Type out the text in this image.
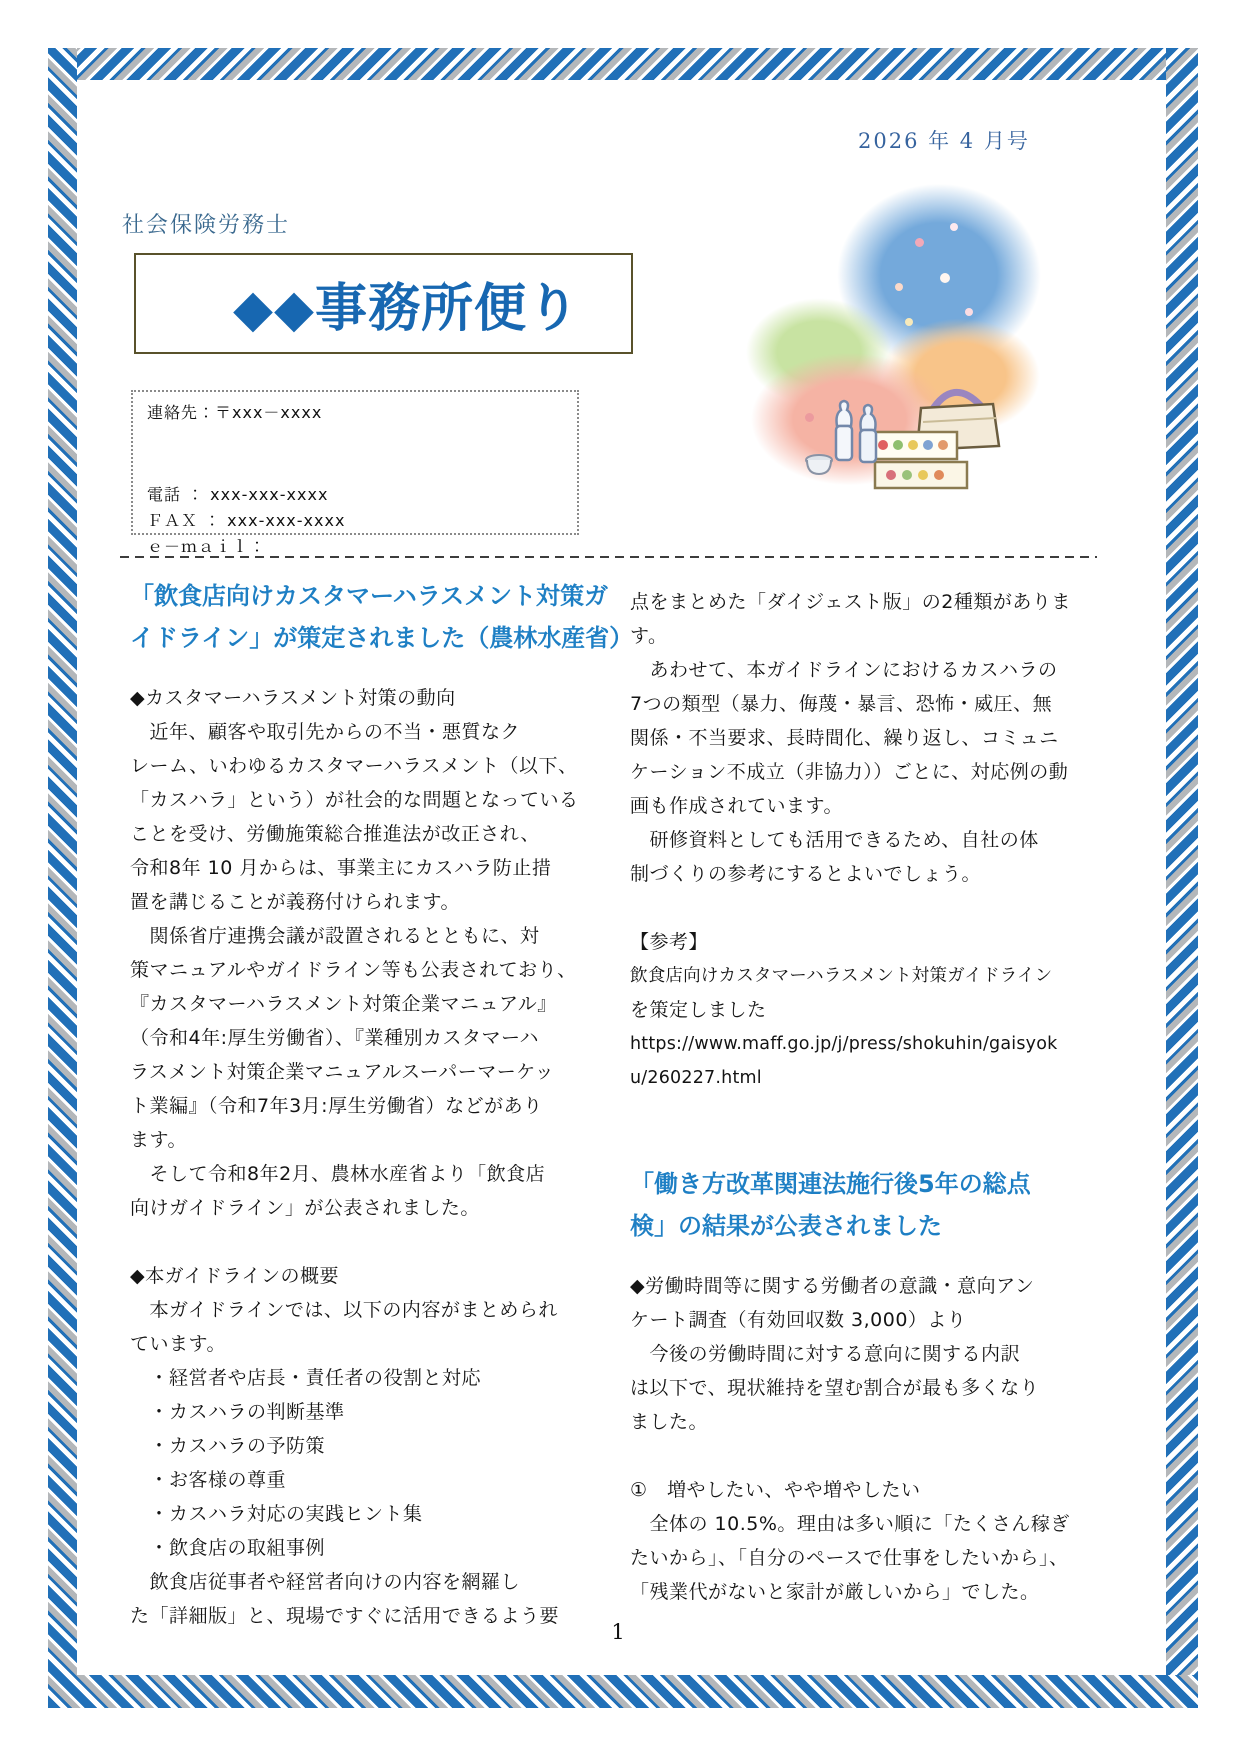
2026 年 4 月号
社会保険労務士
◆◆事務所便り
連絡先：〒xxx－xxxx
電話 ： xxx-xxx-xxxx
ＦＡＸ ： xxx-xxx-xxxx
ｅ－ｍａｉｌ：
「飲食店向けカスタマーハラスメント対策ガ
イドライン」が策定されました（農林水産省）

◆カスタマーハラスメント対策の動向
　近年、顧客や取引先からの不当・悪質なク
レーム、いわゆるカスタマーハラスメント（以下、
「カスハラ」という）が社会的な問題となっている
ことを受け、労働施策総合推進法が改正され、
令和8年 10 月からは、事業主にカスハラ防止措
置を講じることが義務付けられます。
　関係省庁連携会議が設置されるとともに、対
策マニュアルやガイドライン等も公表されており、
『カスタマーハラスメント対策企業マニュアル』
（令和4年:厚生労働省）、『業種別カスタマーハ
ラスメント対策企業マニュアルスーパーマーケッ
ト業編』（令和7年3月:厚生労働省）などがあり
ます。
　そして令和8年2月、農林水産省より「飲食店
向けガイドライン」が公表されました。

◆本ガイドラインの概要
　本ガイドラインでは、以下の内容がまとめられ
ています。
　・経営者や店長・責任者の役割と対応
　・カスハラの判断基準
　・カスハラの予防策
　・お客様の尊重
　・カスハラ対応の実践ヒント集
　・飲食店の取組事例
　飲食店従事者や経営者向けの内容を網羅し
た「詳細版」と、現場ですぐに活用できるよう要
点をまとめた「ダイジェスト版」の2種類がありま
す。
　あわせて、本ガイドラインにおけるカスハラの
7つの類型（暴力、侮蔑・暴言、恐怖・威圧、無
関係・不当要求、長時間化、繰り返し、コミュニ
ケーション不成立（非協力））ごとに、対応例の動
画も作成されています。
　研修資料としても活用できるため、自社の体
制づくりの参考にするとよいでしょう。

【参考】
飲食店向けカスタマーハラスメント対策ガイドライン
を策定しました
https://www.maff.go.jp/j/press/shokuhin/gaisyok
u/260227.html

「働き方改革関連法施行後5年の総点
検」の結果が公表されました

◆労働時間等に関する労働者の意識・意向アン
ケート調査（有効回収数 3,000）より
　今後の労働時間に対する意向に関する内訳
は以下で、現状維持を望む割合が最も多くなり
ました。

①　増やしたい、やや増やしたい
　全体の 10.5%。理由は多い順に「たくさん稼ぎ
たいから」、「自分のペースで仕事をしたいから」、
「残業代がないと家計が厳しいから」でした。
1
